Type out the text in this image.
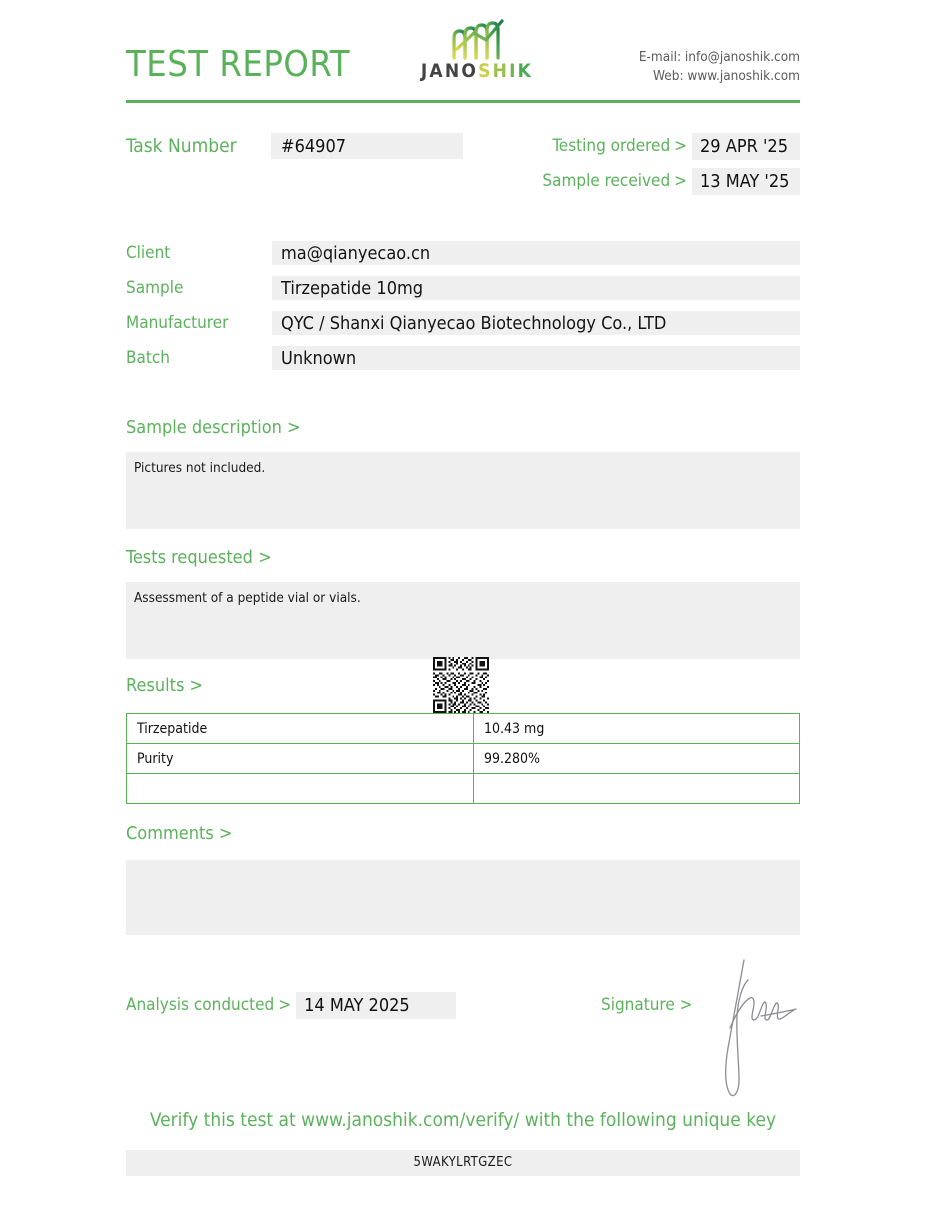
TEST REPORT	JANOSHIK
E-mail: info@janoshik.com
Web: www.janoshik.com
Task Number	#64907	Testing ordered > 29 APR '25
Sample received > 13 MAY '25
Client	ma@qianyecao.cn
Sample	Tirzepatide 10mg
Manufacturer	QYC / Shanxi Qianyecao Biotechnology Co., LTD
Batch	Unknown
Sample description >
Pictures not included.
Tests requested >
Assessment of a peptide vial or vials.
Results >
Tirzepatide	10.43 mg
Purity	99.280%

Comments >
Analysis conducted > 14 MAY 2025	Signature >
Verify this test at www.janoshik.com/verify/ with the following unique key
5WAKYLRTGZEC
